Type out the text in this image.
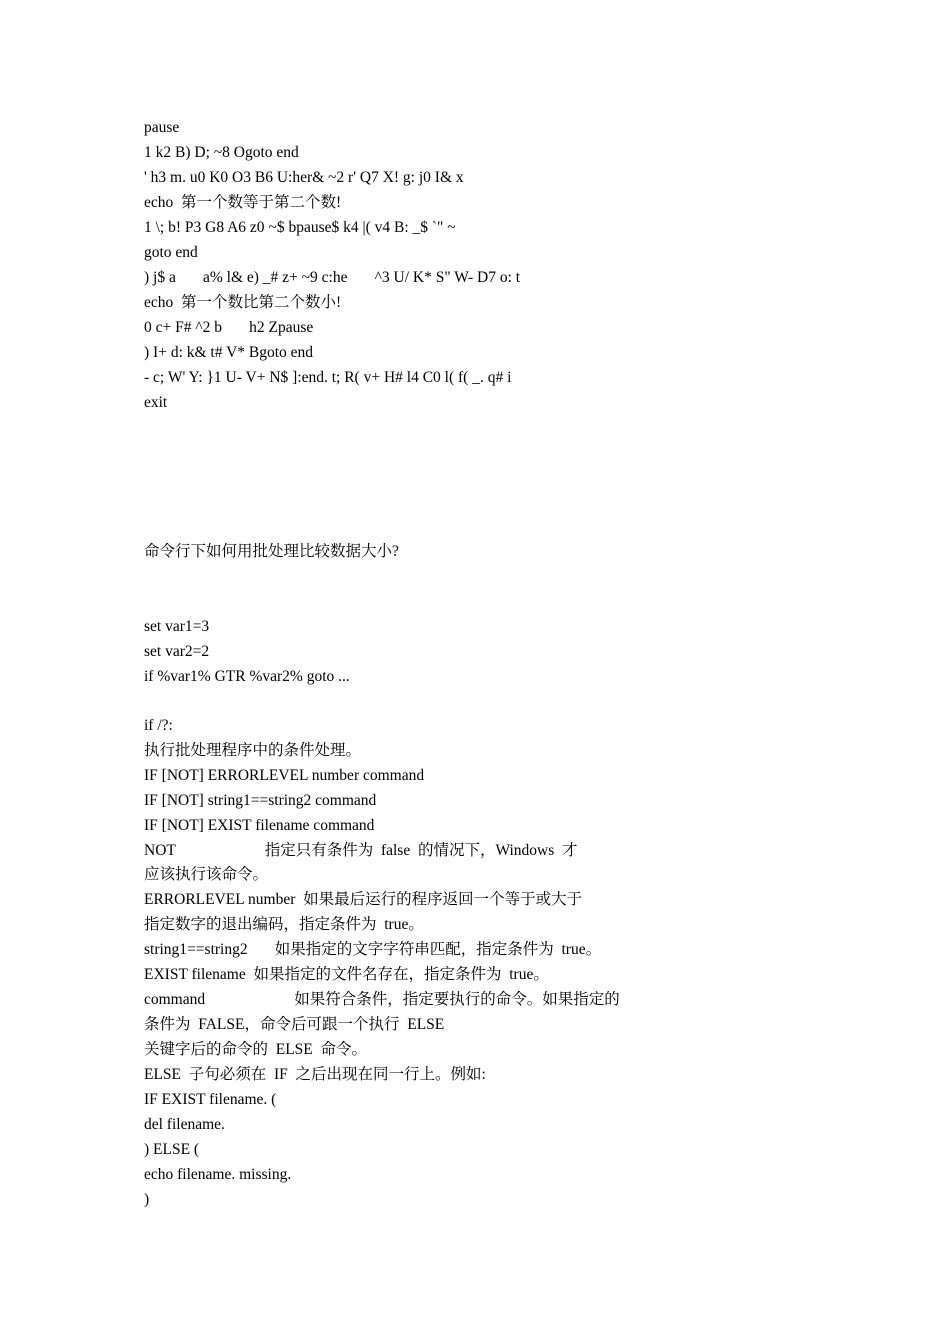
pause

1 k2 B) D; ~8 Ogoto end

' h3 m. u0 K0 O3 B6 U:her& ~2 r' Q7 X! g: j0 I& x

echo  第一个数等于第二个数!

1 \; b! P3 G8 A6 z0 ~$ bpause$ k4 |( v4 B: _$ `" ~

goto end

) j$ a       a% l& e) _# z+ ~9 c:he       ^3 U/ K* S" W- D7 o: t

echo  第一个数比第二个数小!

0 c+ F# ^2 b       h2 Zpause

) I+ d: k& t# V* Bgoto end

- c; W' Y: }1 U- V+ N$ ]:end. t; R( v+ H# l4 C0 l( f( _. q# i

exit

命令行下如何用批处理比较数据大小?

set var1=3

set var2=2

if %var1% GTR %var2% goto ...

if /?:

执行批处理程序中的条件处理。

IF [NOT] ERRORLEVEL number command

IF [NOT] string1==string2 command

IF [NOT] EXIST filename command

NOT                       指定只有条件为  false  的情况下，Windows  才

应该执行该命令。

ERRORLEVEL number  如果最后运行的程序返回一个等于或大于

指定数字的退出编码，指定条件为  true。

string1==string2       如果指定的文字字符串匹配，指定条件为  true。

EXIST filename  如果指定的文件名存在，指定条件为  true。

command                       如果符合条件，指定要执行的命令。如果指定的

条件为  FALSE，命令后可跟一个执行  ELSE

关键字后的命令的  ELSE  命令。

ELSE  子句必须在  IF  之后出现在同一行上。例如:

IF EXIST filename. (

del filename.

) ELSE (

echo filename. missing.

)
